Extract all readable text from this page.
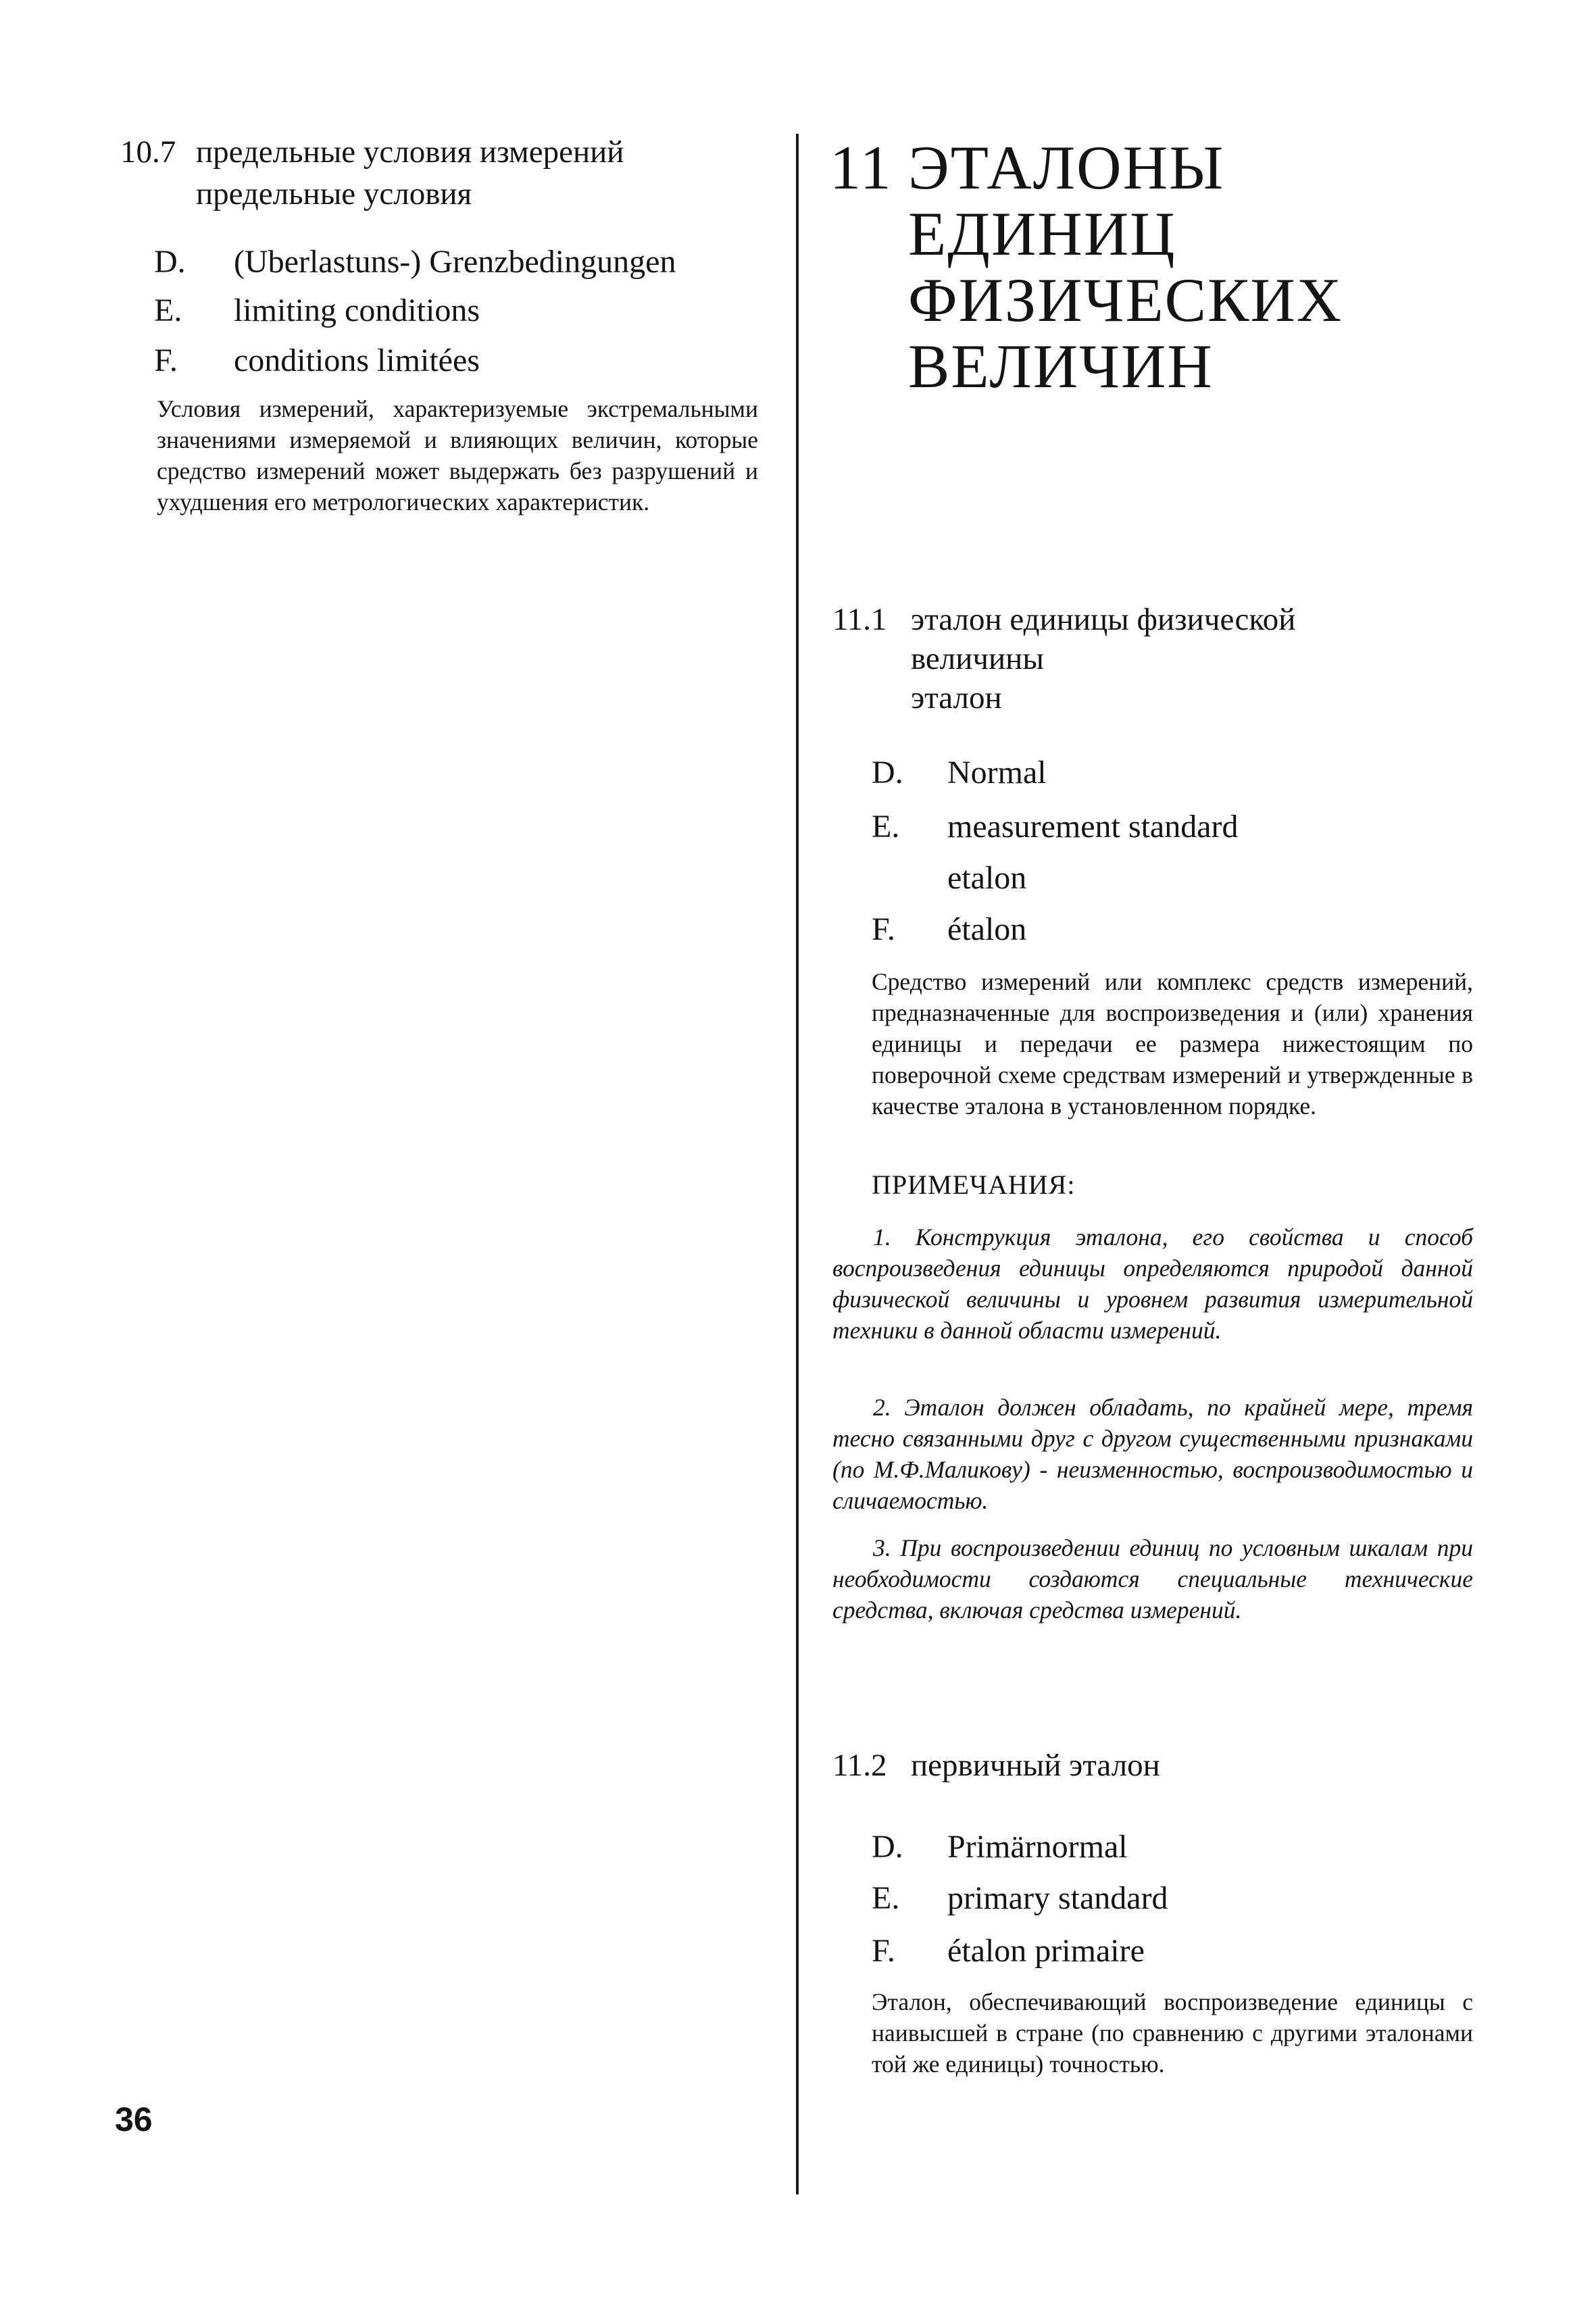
10.7 предельные условия измерений
предельные условия
D. (Uberlastuns-) Grenzbedingungen
E. limiting conditions
F. conditions limitées
Условия измерений, характеризуемые экстремальными значениями измеряемой и влияющих величин, которые средство измерений может выдержать без разрушений и ухудшения его метрологических характеристик.
11 ЭТАЛОНЫ
ЕДИНИЦ
ФИЗИЧЕСКИХ
ВЕЛИЧИН
11.1 эталон единицы физической
величины
эталон
D. Normal
E. measurement standard
etalon
F. étalon
Средство измерений или комплекс средств измерений, предназначенные для воспроизведения и (или) хранения единицы и передачи ее размера нижестоящим по поверочной схеме средствам измерений и утвержденные в качестве эталона в установленном порядке.
ПРИМЕЧАНИЯ:
1. Конструкция эталона, его свойства и способ воспроизведения единицы определяются природой данной физической величины и уровнем развития измерительной техники в данной области измерений.
2. Эталон должен обладать, по крайней мере, тремя тесно связанными друг с другом существенными признаками (по М.Ф.Маликову) - неизменностью, воспроизводимостью и сличаемостью.
3. При воспроизведении единиц по условным шкалам при необходимости создаются специальные технические средства, включая средства измерений.
11.2 первичный эталон
D. Primärnormal
E. primary standard
F. étalon primaire
Эталон, обеспечивающий воспроизведение единицы с наивысшей в стране (по сравнению с другими эталонами той же единицы) точностью.
36
